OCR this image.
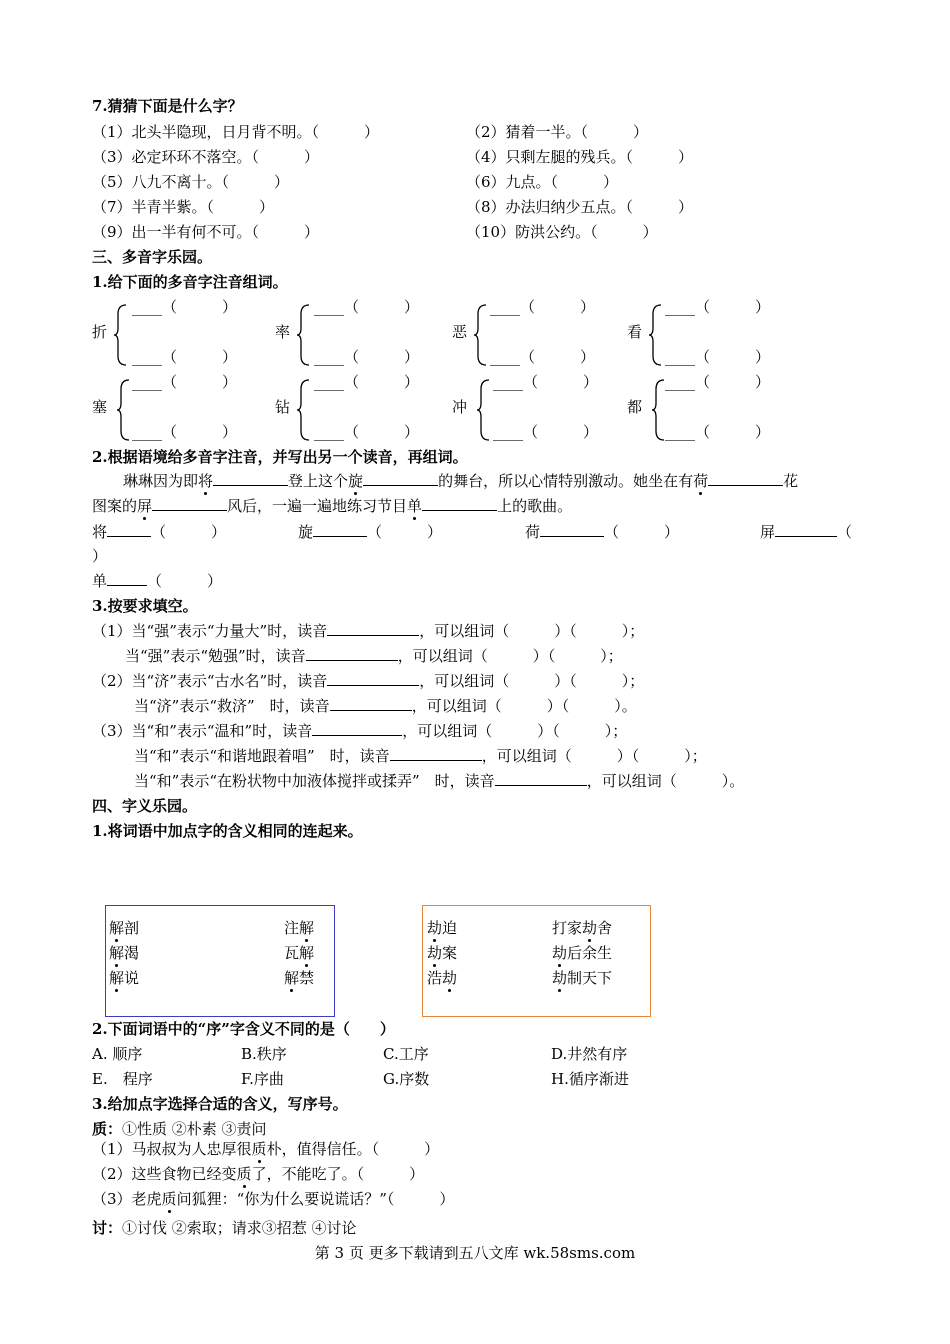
7.猜猜下面是什么字？
（1）北头半隐现，日月背不明。（　　　）	（2）猜着一半。（　　　）
（3）必定环环不落空。（　　　）	（4）只剩左腿的残兵。（　　　）
（5）八九不离十。（　　　）	（6）九点。（　　　）
（7）半青半紫。（　　　）	（8）办法归纳少五点。（　　　）
（9）出一半有何不可。（　　　）	（10）防洪公约。（　　　）
三、多音字乐园。
1.给下面的多音字注音组词。
折
____（　　　）
____（　　　）
率
____（　　　）
____（　　　）
恶
____（　　　）
____（　　　）
看
____（　　　）
____（　　　）
塞
____（　　　）
____（　　　）
钻
____（　　　）
____（　　　）
冲
____（　　　）
____（　　　）
都
____（　　　）
____（　　　）
2.根据语境给多音字注音，并写出另一个读音，再组词。
琳琳因为即将	登上这个旋	的舞台，所以心情特别激动。她坐在有荷	花
图案的屏	风后，一遍一遍地练习节目单	上的歌曲。
将	（　　　）	旋	（　　　）	荷	（　　　）	屏	（
）
单	（　　　）
3.按要求填空。
（1）当“强”表示“力量大”时，读音	，可以组词（　　　）（　　　）；
当“强”表示“勉强”时，读音	，可以组词（　　　）（　　　）；
（2）当“济”表示“古水名”时，读音	，可以组词（　　　）（　　　）；
当“济”表示“救济”　时，读音	，可以组词（　　　）（　　　）。
（3）当“和”表示“温和”时，读音	，可以组词（　　　）（　　　）；
当“和”表示“和谐地跟着唱”　时，读音	，可以组词（　　　）（　　　）；
当“和”表示“在粉状物中加液体搅拌或揉弄”　时，读音	，可以组词（　　　）。
四、字义乐园。
1.将词语中加点字的含义相同的连起来。
解剖
解渴
解说
注解
瓦解
解禁
劫迫
劫案
浩劫
打家劫舍
劫后余生
劫制天下
2.下面词语中的“序”字含义不同的是（　　）
A. 顺序	B.秩序	C.工序	D.井然有序
E.　程序	F.序曲	G.序数	H.循序渐进
3.给加点字选择合适的含义，写序号。
质：①性质 ②朴素 ③责问
（1）马叔叔为人忠厚很质朴，值得信任。（　　　）
（2）这些食物已经变质了，不能吃了。（　　　）
（3）老虎质问狐狸：“你为什么要说谎话？”（　　　）
讨：①讨伐 ②索取；请求③招惹 ④讨论
第 3 页 更多下载请到五八文库 wk.58sms.com
